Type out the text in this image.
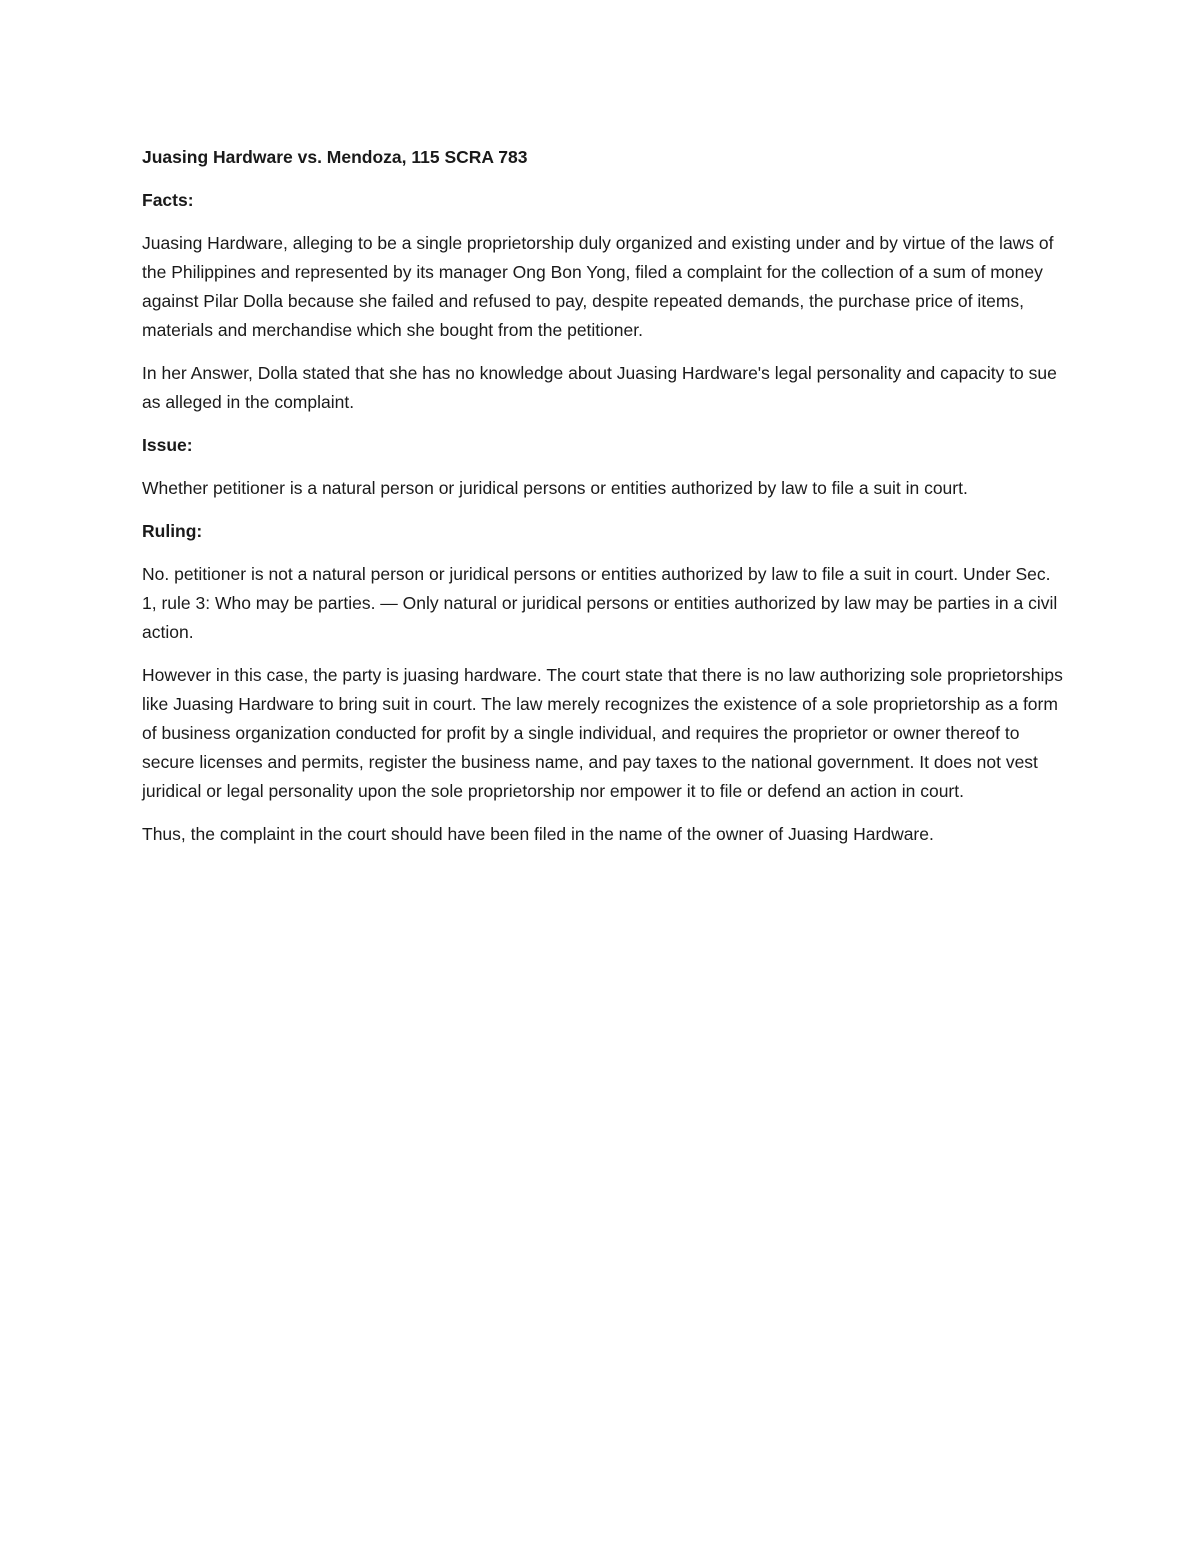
Juasing Hardware vs. Mendoza, 115 SCRA 783

Facts:

Juasing Hardware, alleging to be a single proprietorship duly organized and existing under and by virtue of the laws of the Philippines and represented by its manager Ong Bon Yong, filed a complaint for the collection of a sum of money against Pilar Dolla because she failed and refused to pay, despite repeated demands, the purchase price of items, materials and merchandise which she bought from the petitioner.

In her Answer, Dolla stated that she has no knowledge about Juasing Hardware's legal personality and capacity to sue as alleged in the complaint.

Issue:

Whether petitioner is a natural person or juridical persons or entities authorized by law to file a suit in court.

Ruling:

No. petitioner is not a natural person or juridical persons or entities authorized by law to file a suit in court. Under Sec. 1, rule 3: Who may be parties. — Only natural or juridical persons or entities authorized by law may be parties in a civil action.

However in this case, the party is juasing hardware. The court state that there is no law authorizing sole proprietorships like Juasing Hardware to bring suit in court. The law merely recognizes the existence of a sole proprietorship as a form of business organization conducted for profit by a single individual, and requires the proprietor or owner thereof to secure licenses and permits, register the business name, and pay taxes to the national government. It does not vest juridical or legal personality upon the sole proprietorship nor empower it to file or defend an action in court.

Thus, the complaint in the court should have been filed in the name of the owner of Juasing Hardware.
